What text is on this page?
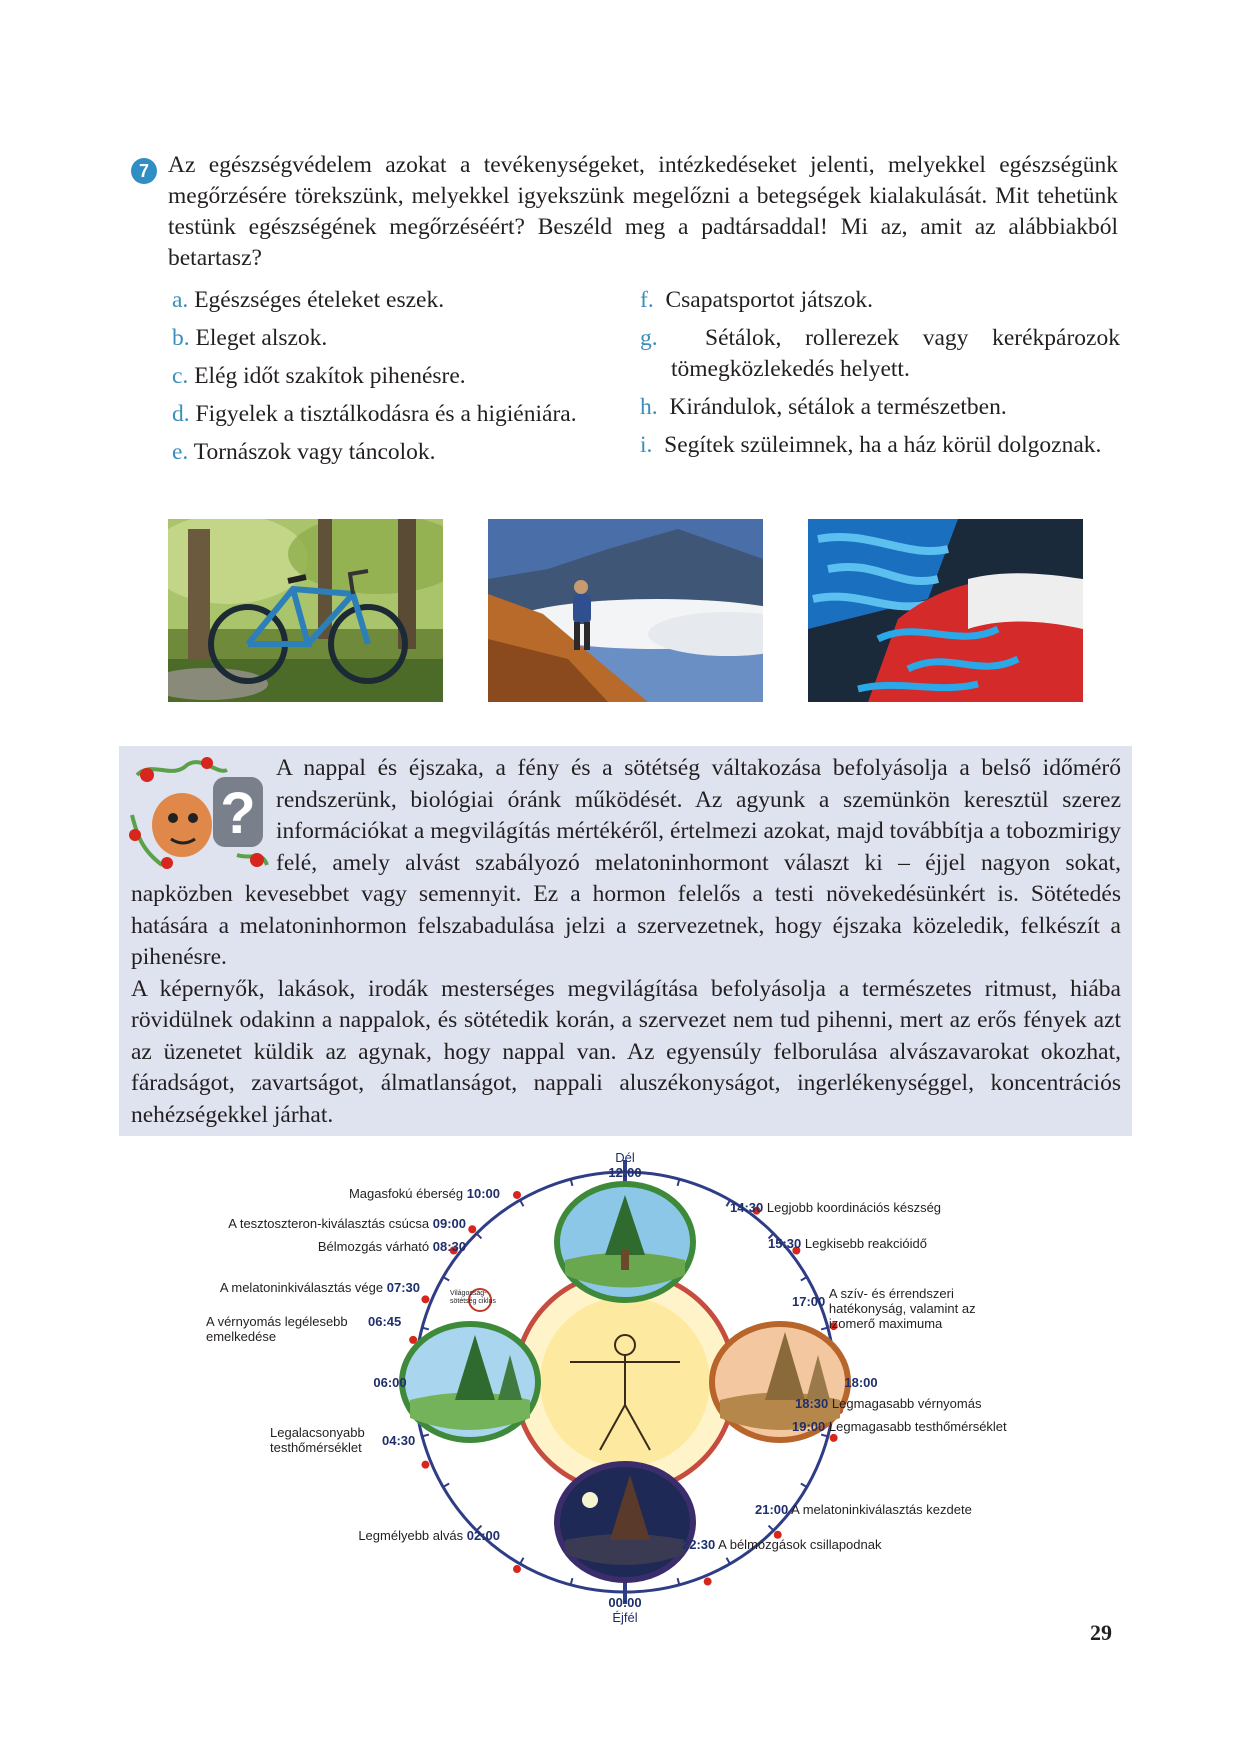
7 Az egészségvédelem azokat a tevékenységeket, intézkedéseket jelenti, melyekkel egészségünk megőrzésére törekszünk, melyekkel igyekszünk megelőzni a betegségek kialakulását. Mit tehetünk testünk egészségének megőrzéséért? Beszéld meg a padtársaddal! Mi az, amit az alábbiakból betartasz?

a. Egészséges ételeket eszek.

b. Eleget alszok.

c. Elég időt szakítok pihenésre.

d. Figyelek a tisztálkodásra és a higiéniára.

e. Tornászok vagy táncolok.

f. Csapatsportot játszok.

g. Sétálok, rollerezek vagy kerékpározok tömegközlekedés helyett.

h. Kirándulok, sétálok a természetben.

i. Segítek szüleimnek, ha a ház körül dolgoznak.

?

A nappal és éjszaka, a fény és a sötétség váltakozása befolyásolja a belső időmérő rendszerünk, biológiai óránk működését. Az agyunk a szemünkön keresztül szerez információkat a megvilágítás mértékéről, értelmezi azokat, majd továbbítja a tobozmirigy felé, amely alvást szabályozó melatoninhormont választ ki – éjjel nagyon sokat, napközben kevesebbet vagy semennyit. Ez a hormon felelős a testi növekedésünkért is. Sötétedés hatására a melatoninhormon felszabadulása jelzi a szervezetnek, hogy éjszaka közeledik, felkészít a pihenésre.

A képernyők, lakások, irodák mesterséges megvilágítása befolyásolja a természetes ritmust, hiába rövidülnek odakinn a nappalok, és sötétedik korán, a szervezet nem tud pihenni, mert az erős fények azt az üzenetet küldik az agynak, hogy nappal van. Az egyensúly felborulása alvászavarokat okozhat, fáradságot, zavartságot, álmatlanságot, nappali aluszékonyságot, ingerlékenységgel, koncentrációs nehézségekkel járhat.

Dél
12:00
00:00
Éjfél
06:00	18:00
Világosság-sötétség ciklus
Magasfokú éberség 10:00
A tesztoszteron-kiválasztás csúcsa 09:00
Bélmozgás várható 08:30
A melatoninkiválasztás vége 07:30
A vérnyomás legélesebb emelkedése06:45
Legalacsonyabb testhőmérséklet 04:30
Legmélyebb alvás 02:00
14:30 Legjobb koordinációs készség
15:30 Legkisebb reakcióidő
17:00 A szív- és érrendszeri hatékonyság, valamint az izomerő maximuma
18:30 Legmagasabb vérnyomás
19:00 Legmagasabb testhőmérséklet
21:00 A melatoninkiválasztás kezdete
22:30 A bélmozgások csillapodnak
29
